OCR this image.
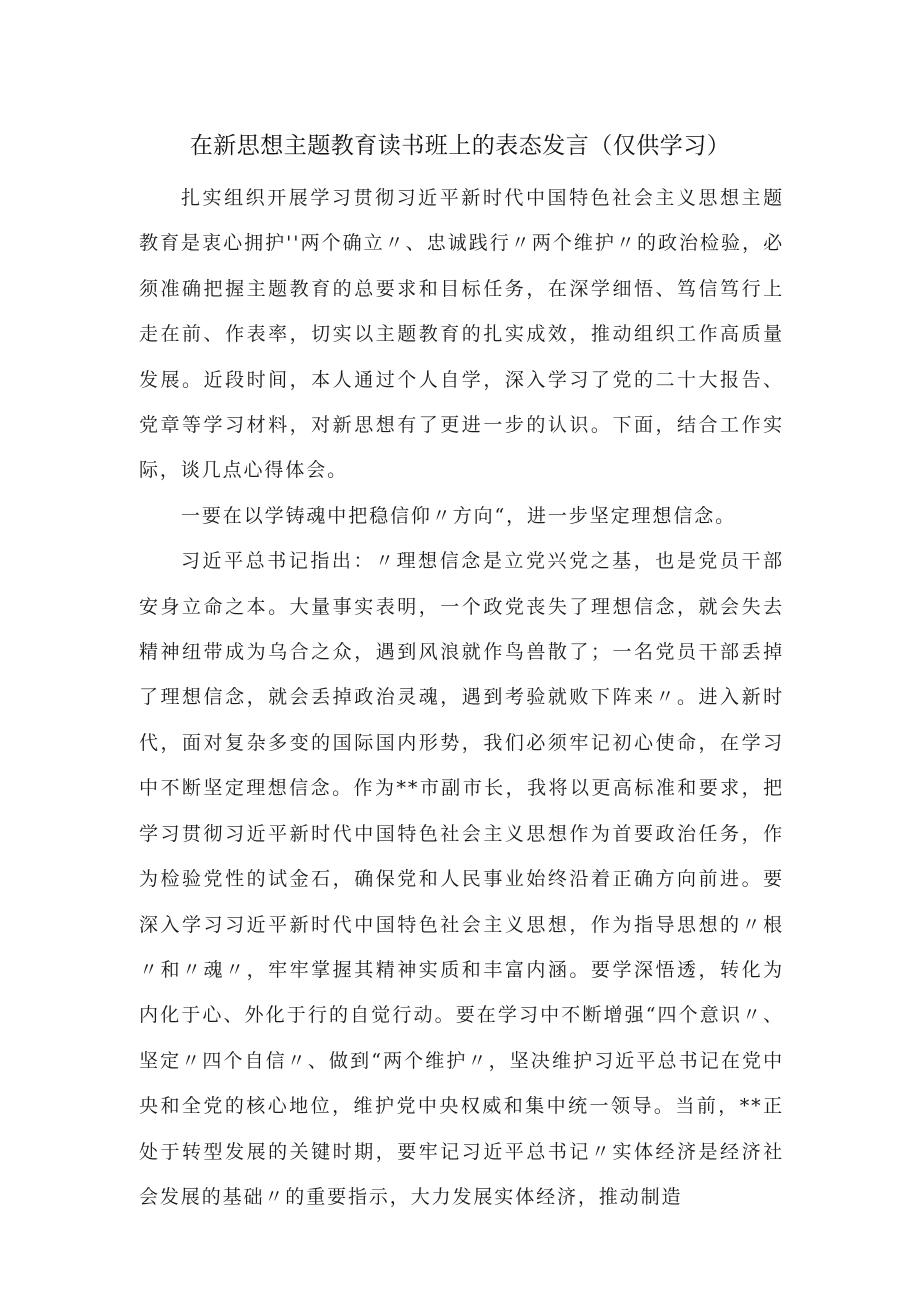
在新思想主题教育读书班上的表态发言（仅供学习）

扎实组织开展学习贯彻习近平新时代中国特色社会主义思想主题教育是衷心拥护''两个确立〃、忠诚践行〃两个维护〃的政治检验，必须准确把握主题教育的总要求和目标任务，在深学细悟、笃信笃行上走在前、作表率，切实以主题教育的扎实成效，推动组织工作高质量发展。近段时间，本人通过个人自学，深入学习了党的二十大报告、党章等学习材料，对新思想有了更进一步的认识。下面，结合工作实际，谈几点心得体会。

一要在以学铸魂中把稳信仰〃方向“，进一步坚定理想信念。

习近平总书记指出：〃理想信念是立党兴党之基，也是党员干部安身立命之本。大量事实表明，一个政党丧失了理想信念，就会失去精神纽带成为乌合之众，遇到风浪就作鸟兽散了；一名党员干部丢掉了理想信念，就会丢掉政治灵魂，遇到考验就败下阵来〃。进入新时代，面对复杂多变的国际国内形势，我们必须牢记初心使命，在学习中不断坚定理想信念。作为**市副市长，我将以更高标准和要求，把学习贯彻习近平新时代中国特色社会主义思想作为首要政治任务，作为检验党性的试金石，确保党和人民事业始终沿着正确方向前进。要深入学习习近平新时代中国特色社会主义思想，作为指导思想的〃根〃和〃魂〃，牢牢掌握其精神实质和丰富内涵。要学深悟透，转化为内化于心、外化于行的自觉行动。要在学习中不断增强“四个意识〃、坚定〃四个自信〃、做到“两个维护〃，坚决维护习近平总书记在党中央和全党的核心地位，维护党中央权威和集中统一领导。当前，**正处于转型发展的关键时期，要牢记习近平总书记〃实体经济是经济社会发展的基础〃的重要指示，大力发展实体经济，推动制造
